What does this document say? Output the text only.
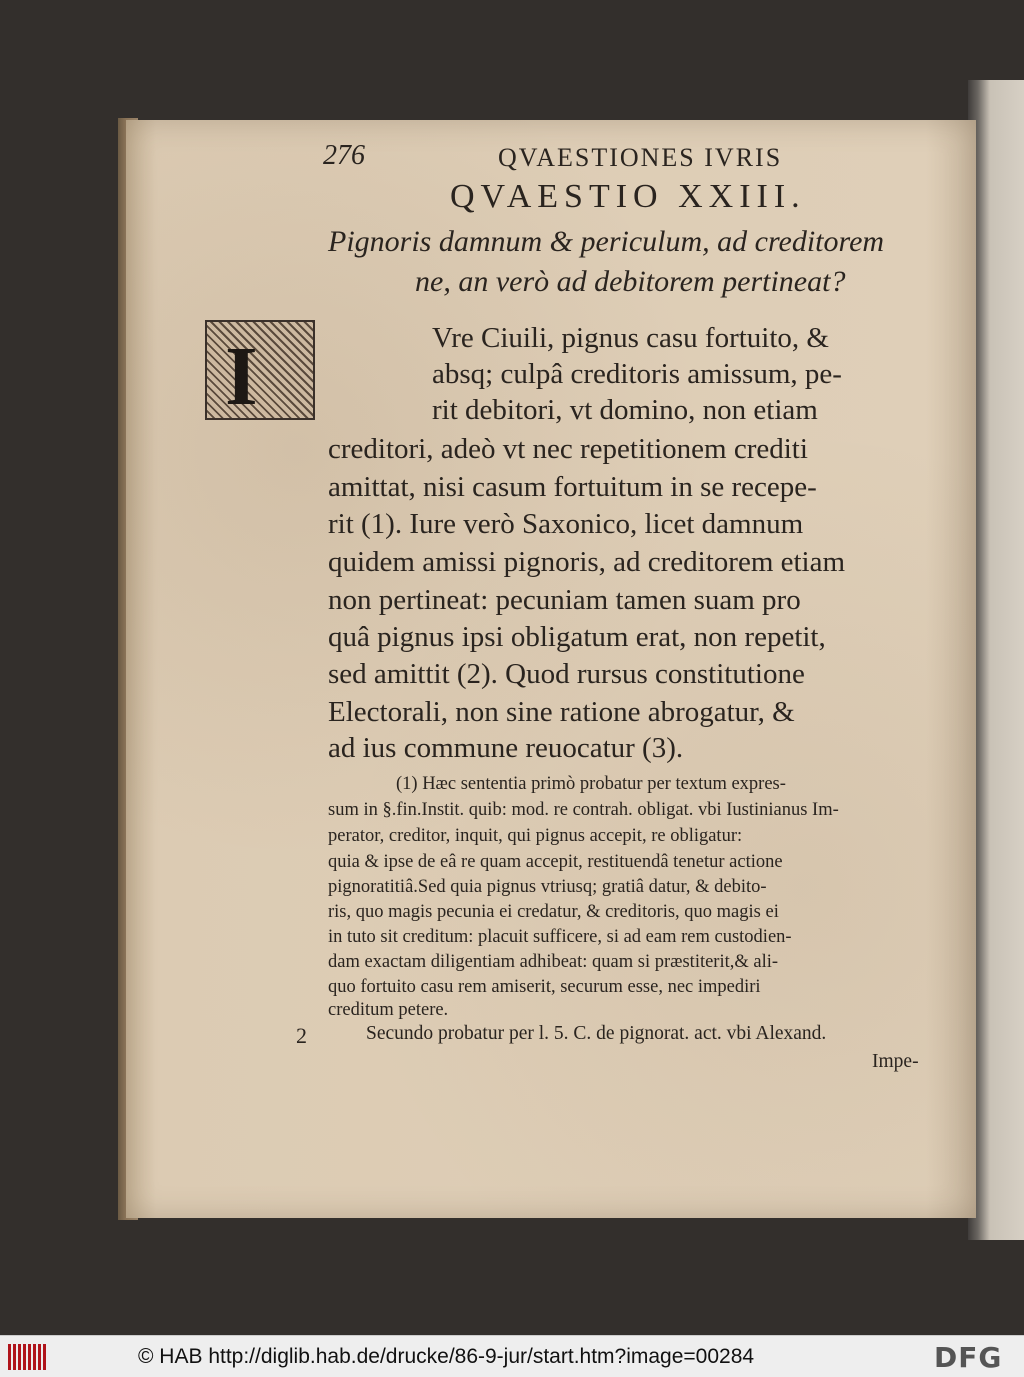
276	QVAESTIONES IVRIS
QVAESTIO XXIII.
Pignoris damnum & periculum, ad creditorem
ne, an verò ad debitorem pertineat?
I	Vre Ciuili, pignus casu fortuito, &
absq; culpâ creditoris amissum, pe-
rit debitori, vt domino, non etiam
creditori, adeò vt nec repetitionem crediti
amittat, nisi casum fortuitum in se recepe-
rit (1). Iure verò Saxonico, licet damnum
quidem amissi pignoris, ad creditorem etiam
non pertineat: pecuniam tamen suam pro
quâ pignus ipsi obligatum erat, non repetit,
sed amittit (2). Quod rursus constitutione
Electorali, non sine ratione abrogatur, &
ad ius commune reuocatur (3).
(1) Hæc sententia primò probatur per textum expres-
sum in §.fin.Instit. quib: mod. re contrah. obligat. vbi Iustinianus Im-
perator, creditor, inquit, qui pignus accepit, re obligatur:
quia & ipse de eâ re quam accepit, restituendâ tenetur actione
pignoratitiâ.Sed quia pignus vtriusq; gratiâ datur, & debito-
ris, quo magis pecunia ei credatur, & creditoris, quo magis ei
in tuto sit creditum: placuit sufficere, si ad eam rem custodien-
dam exactam diligentiam adhibeat: quam si præstiterit,& ali-
quo fortuito casu rem amiserit, securum esse, nec impediri
creditum petere.
2	Secundo probatur per l. 5. C. de pignorat. act. vbi Alexand.
Impe-
© HAB http://diglib.hab.de/drucke/86-9-jur/start.htm?image=00284	DFG
